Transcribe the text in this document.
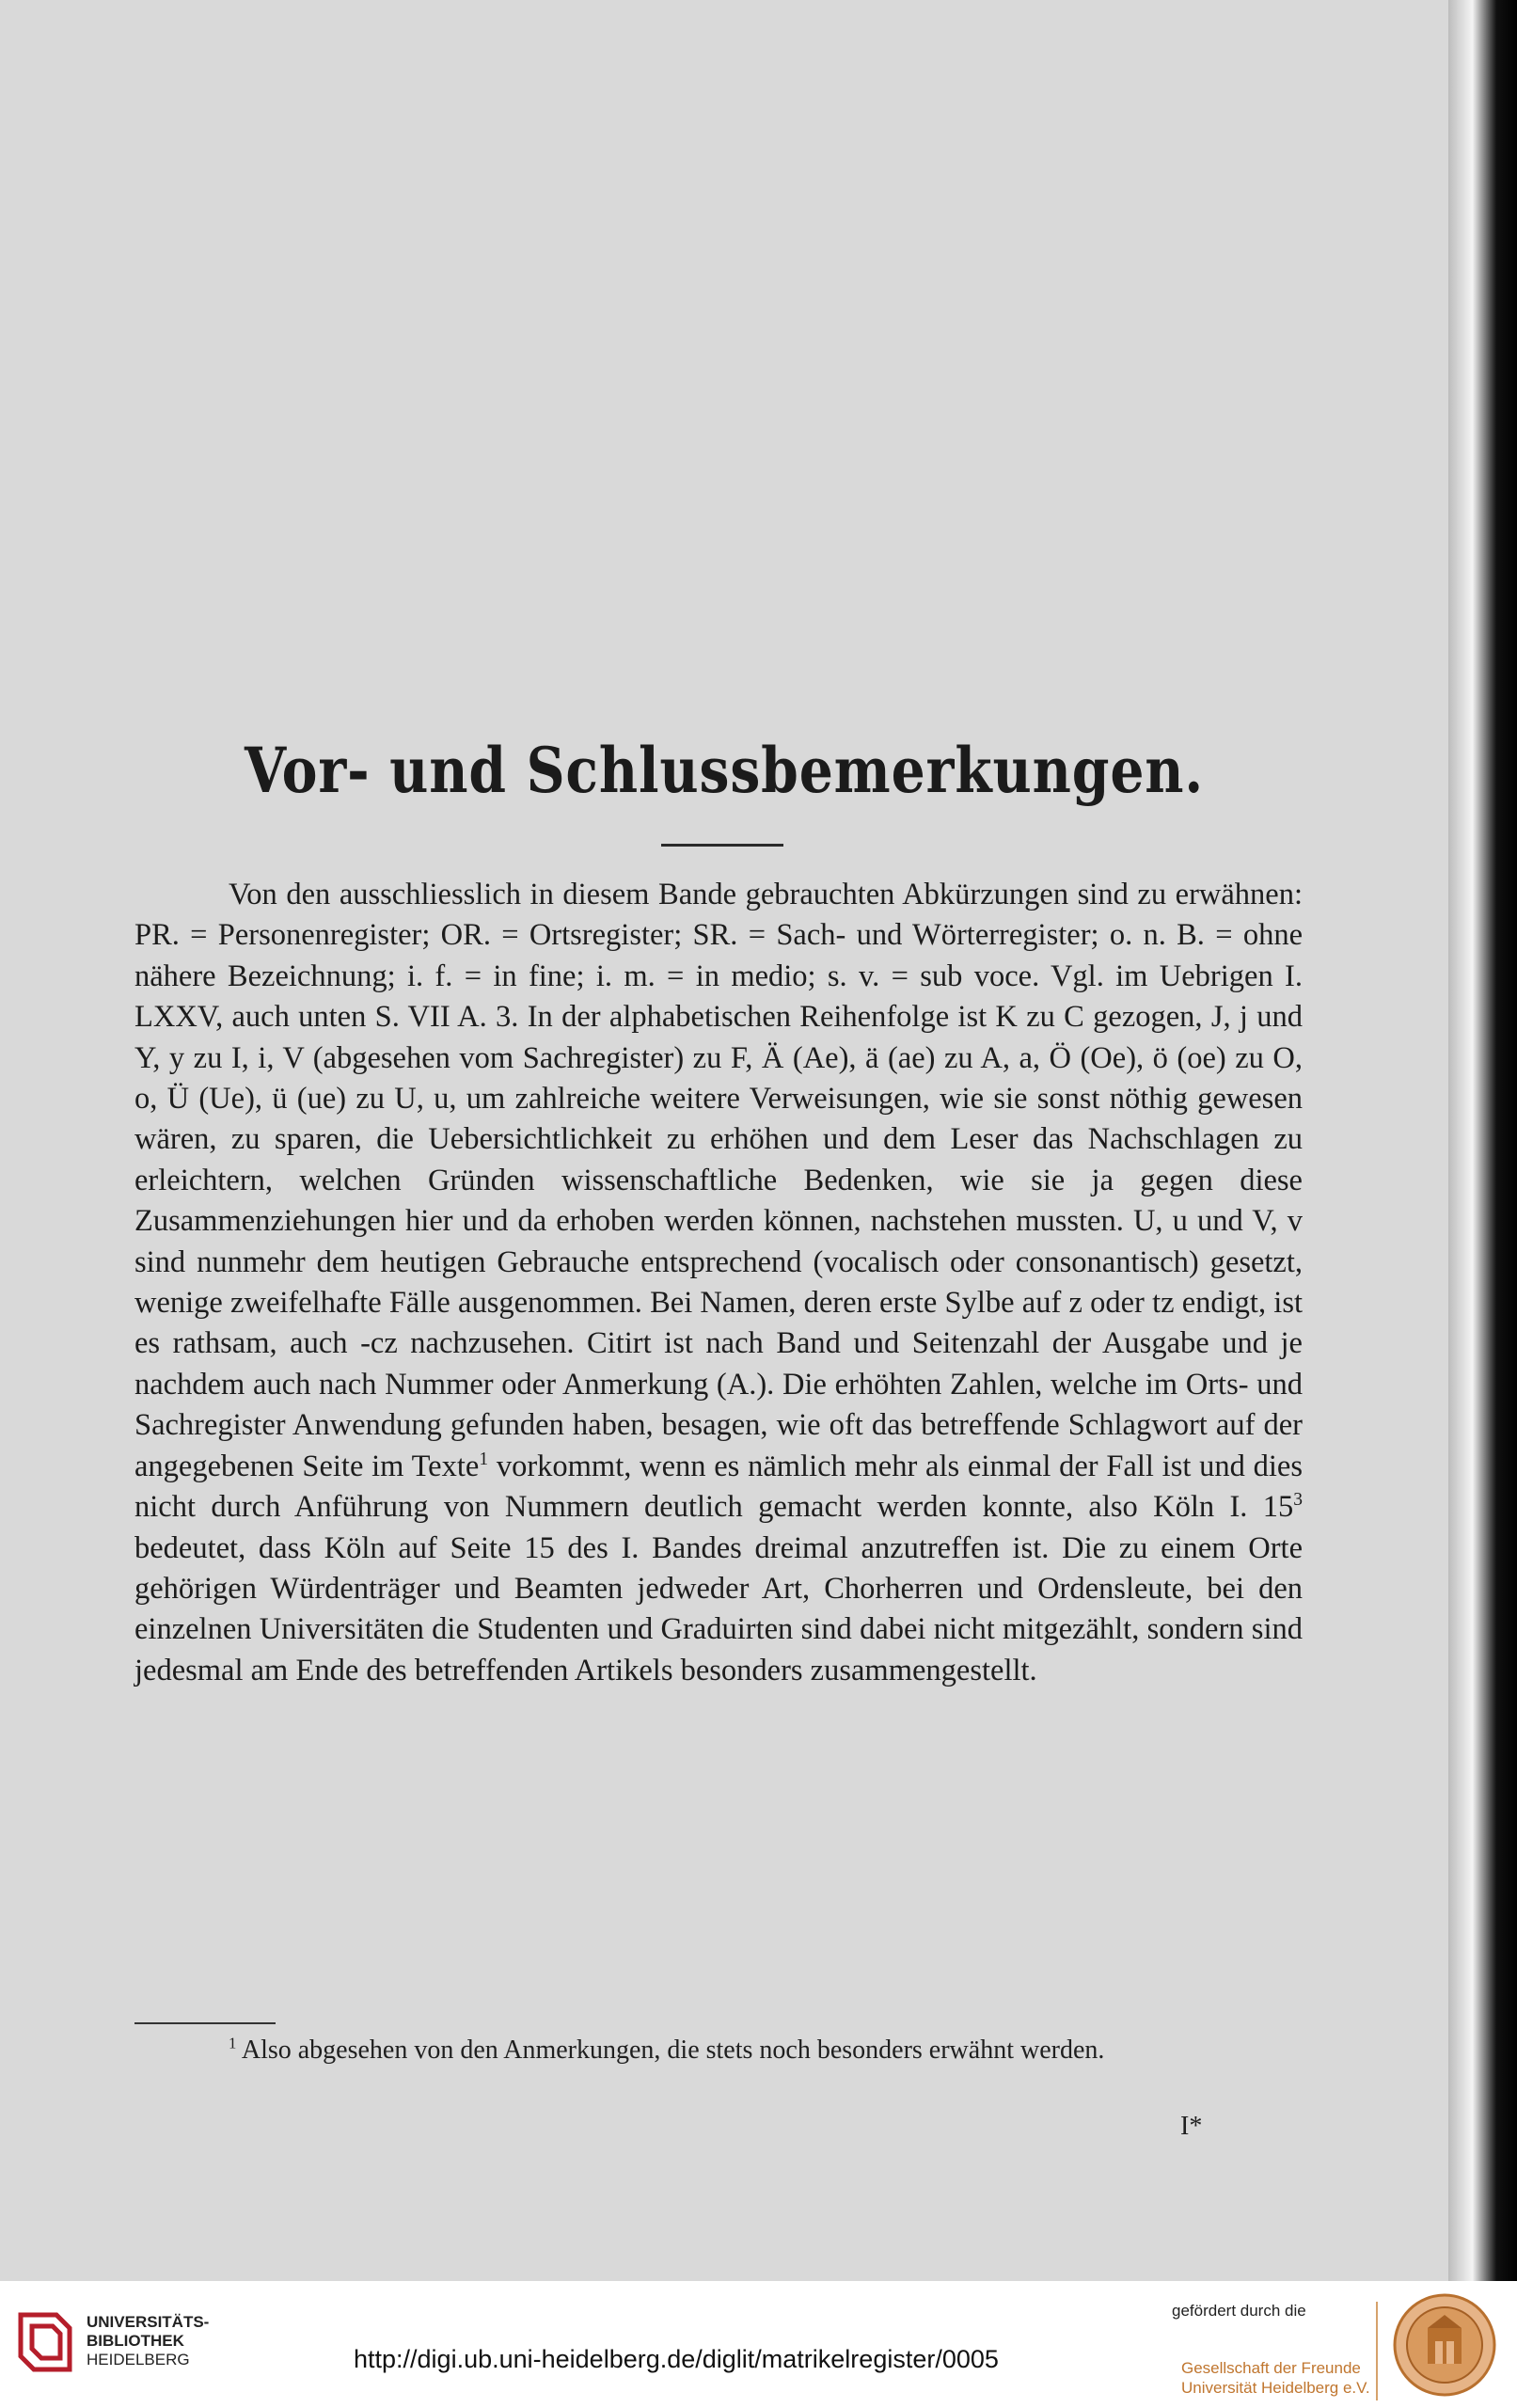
Vor- und Schlussbemerkungen.

Von den ausschliesslich in diesem Bande gebrauchten Abkürzungen sind zu erwähnen: PR. = Personenregister; OR. = Ortsregister; SR. = Sach- und Wörterregister; o. n. B. = ohne nähere Bezeichnung; i. f. = in fine; i. m. = in medio; s. v. = sub voce. Vgl. im Uebrigen I. LXXV, auch unten S. VII A. 3. In der alphabetischen Reihenfolge ist K zu C gezogen, J, j und Y, y zu I, i, V (abgesehen vom Sachregister) zu F, Ä (Ae), ä (ae) zu A, a, Ö (Oe), ö (oe) zu O, o, Ü (Ue), ü (ue) zu U, u, um zahlreiche weitere Verweisungen, wie sie sonst nöthig gewesen wären, zu sparen, die Uebersichtlichkeit zu erhöhen und dem Leser das Nachschlagen zu erleichtern, welchen Gründen wissenschaftliche Bedenken, wie sie ja gegen diese Zusammenziehungen hier und da erhoben werden können, nachstehen mussten. U, u und V, v sind nunmehr dem heutigen Gebrauche entsprechend (vocalisch oder consonantisch) gesetzt, wenige zweifelhafte Fälle ausgenommen. Bei Namen, deren erste Sylbe auf z oder tz endigt, ist es rathsam, auch -cz nachzusehen. Citirt ist nach Band und Seitenzahl der Ausgabe und je nachdem auch nach Nummer oder Anmerkung (A.). Die erhöhten Zahlen, welche im Orts- und Sachregister Anwendung gefunden haben, besagen, wie oft das betreffende Schlagwort auf der angegebenen Seite im Texte$^1$ vorkommt, wenn es nämlich mehr als einmal der Fall ist und dies nicht durch Anführung von Nummern deutlich gemacht werden konnte, also Köln I. $15^3$ bedeutet, dass Köln auf Seite 15 des I. Bandes dreimal anzutreffen ist. Die zu einem Orte gehörigen Würdenträger und Beamten jedweder Art, Chorherren und Ordensleute, bei den einzelnen Universitäten die Studenten und Graduirten sind dabei nicht mitgezählt, sondern sind jedesmal am Ende des betreffenden Artikels besonders zusammengestellt.

$^1$ Also abgesehen von den Anmerkungen, die stets noch besonders erwähnt werden.

I*
UNIVERSITÄTS-
BIBLIOTHEK
HEIDELBERG	http://digi.ub.uni-heidelberg.de/diglit/matrikelregister/0005
gefördert durch die
Gesellschaft der Freunde
Universität Heidelberg e.V.
